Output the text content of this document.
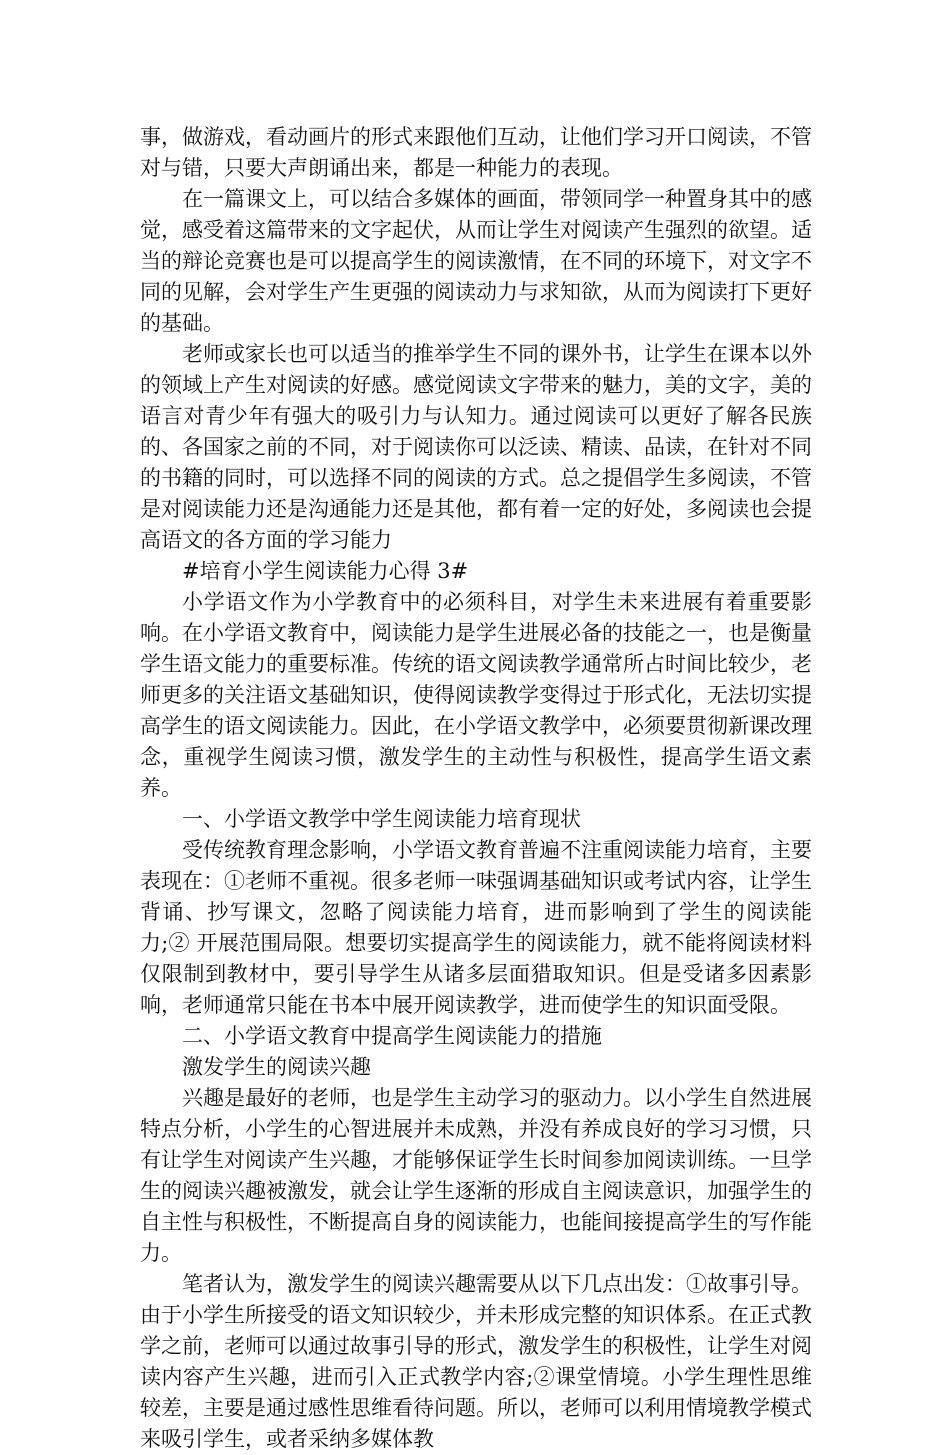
事，做游戏，看动画片的形式来跟他们互动，让他们学习开口阅读，不管对与错，只要大声朗诵出来，都是一种能力的表现。

在一篇课文上，可以结合多媒体的画面，带领同学一种置身其中的感觉，感受着这篇带来的文字起伏，从而让学生对阅读产生强烈的欲望。适当的辩论竞赛也是可以提高学生的阅读激情，在不同的环境下，对文字不同的见解，会对学生产生更强的阅读动力与求知欲，从而为阅读打下更好的基础。

老师或家长也可以适当的推举学生不同的课外书，让学生在课本以外的领域上产生对阅读的好感。感觉阅读文字带来的魅力，美的文字，美的语言对青少年有强大的吸引力与认知力。通过阅读可以更好了解各民族的、各国家之前的不同，对于阅读你可以泛读、精读、品读，在针对不同的书籍的同时，可以选择不同的阅读的方式。总之提倡学生多阅读，不管是对阅读能力还是沟通能力还是其他，都有着一定的好处，多阅读也会提高语文的各方面的学习能力

#培育小学生阅读能力心得 3#

小学语文作为小学教育中的必须科目，对学生未来进展有着重要影响。在小学语文教育中，阅读能力是学生进展必备的技能之一，也是衡量学生语文能力的重要标准。传统的语文阅读教学通常所占时间比较少，老师更多的关注语文基础知识，使得阅读教学变得过于形式化，无法切实提高学生的语文阅读能力。因此，在小学语文教学中，必须要贯彻新课改理念，重视学生阅读习惯，激发学生的主动性与积极性，提高学生语文素养。

一、小学语文教学中学生阅读能力培育现状

受传统教育理念影响，小学语文教育普遍不注重阅读能力培育，主要表现在：①老师不重视。很多老师一味强调基础知识或考试内容，让学生背诵、抄写课文，忽略了阅读能力培育，进而影响到了学生的阅读能力;② 开展范围局限。想要切实提高学生的阅读能力，就不能将阅读材料仅限制到教材中，要引导学生从诸多层面猎取知识。但是受诸多因素影响，老师通常只能在书本中展开阅读教学，进而使学生的知识面受限。

二、小学语文教育中提高学生阅读能力的措施

激发学生的阅读兴趣

兴趣是最好的老师，也是学生主动学习的驱动力。以小学生自然进展特点分析，小学生的心智进展并未成熟，并没有养成良好的学习习惯，只有让学生对阅读产生兴趣，才能够保证学生长时间参加阅读训练。一旦学生的阅读兴趣被激发，就会让学生逐渐的形成自主阅读意识，加强学生的自主性与积极性，不断提高自身的阅读能力，也能间接提高学生的写作能力。

笔者认为，激发学生的阅读兴趣需要从以下几点出发：①故事引导。由于小学生所接受的语文知识较少，并未形成完整的知识体系。在正式教学之前，老师可以通过故事引导的形式，激发学生的积极性，让学生对阅读内容产生兴趣，进而引入正式教学内容;②课堂情境。小学生理性思维较差，主要是通过感性思维看待问题。所以，老师可以利用情境教学模式来吸引学生，或者采纳多媒体教
